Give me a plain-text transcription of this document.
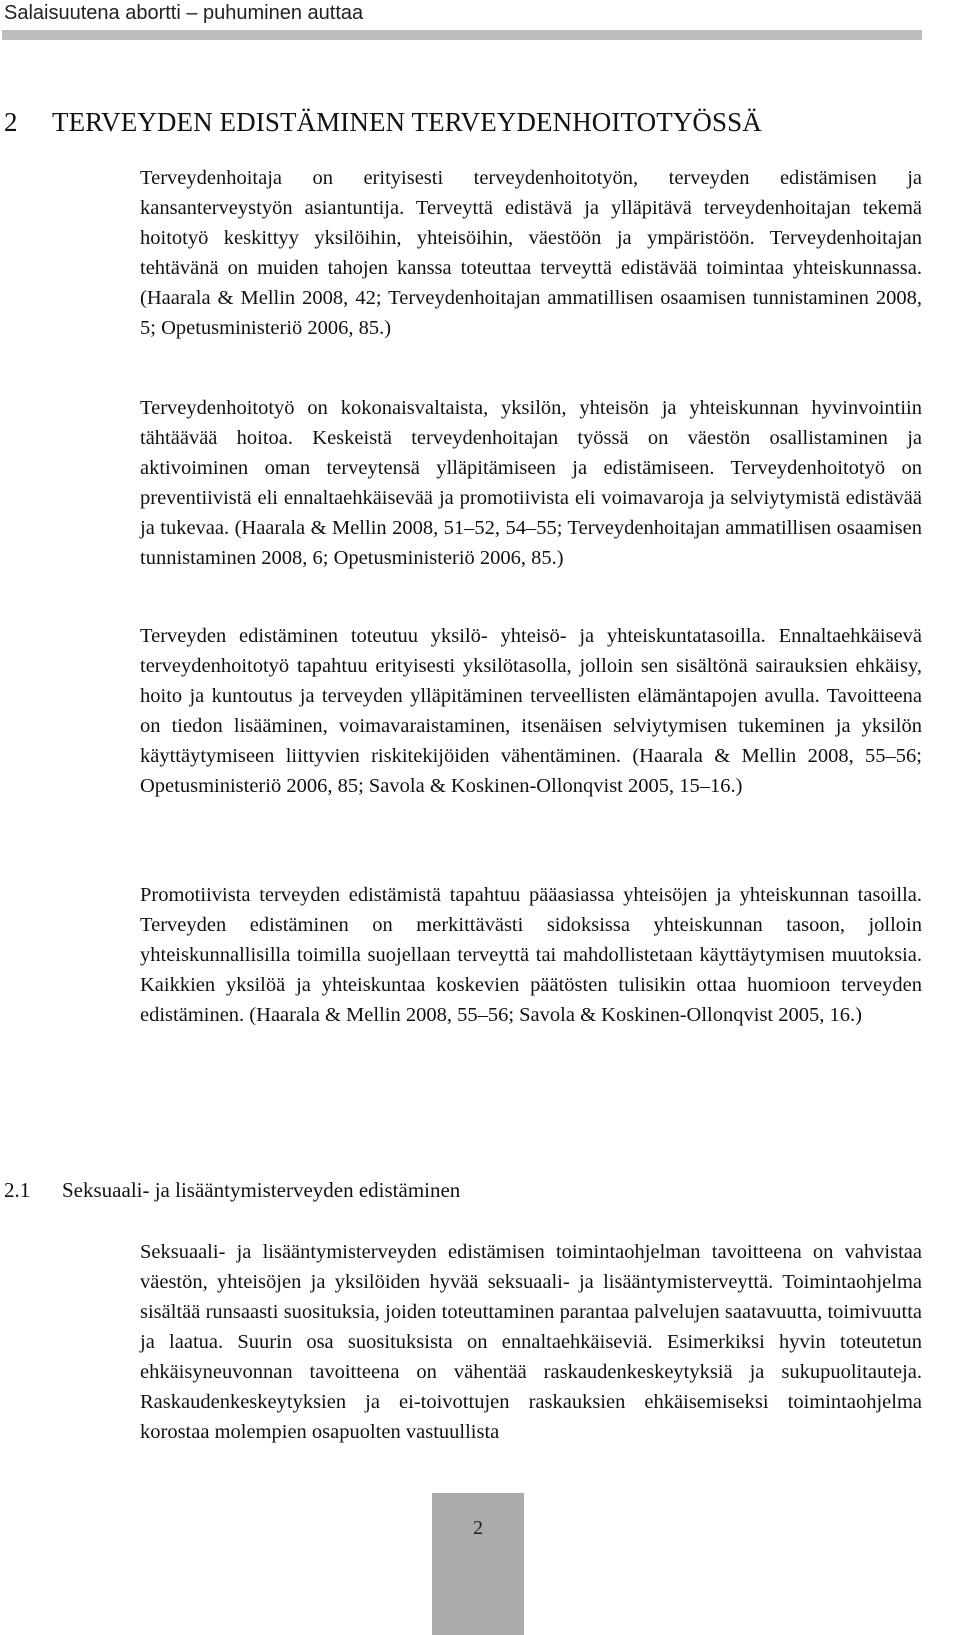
Salaisuutena abortti – puhuminen auttaa
2 TERVEYDEN EDISTÄMINEN TERVEYDENHOITOTYÖSSÄ

Terveydenhoitaja on erityisesti terveydenhoitotyön, terveyden edistämisen ja kansanterveystyön asiantuntija. Terveyttä edistävä ja ylläpitävä terveydenhoitajan tekemä hoitotyö keskittyy yksilöihin, yhteisöihin, väestöön ja ympäristöön. Terveydenhoitajan tehtävänä on muiden tahojen kanssa toteuttaa terveyttä edistävää toimintaa yhteiskunnassa. (Haarala & Mellin 2008, 42; Terveydenhoitajan ammatillisen osaamisen tunnistaminen 2008, 5; Opetusministeriö 2006, 85.)

Terveydenhoitotyö on kokonaisvaltaista, yksilön, yhteisön ja yhteiskunnan hyvinvointiin tähtäävää hoitoa. Keskeistä terveydenhoitajan työssä on väestön osallistaminen ja aktivoiminen oman terveytensä ylläpitämiseen ja edistämiseen. Terveydenhoitotyö on preventiivistä eli ennaltaehkäisevää ja promotiivista eli voimavaroja ja selviytymistä edistävää ja tukevaa. (Haarala & Mellin 2008, 51–52, 54–55; Terveydenhoitajan ammatillisen osaamisen tunnistaminen 2008, 6; Opetusministeriö 2006, 85.)

Terveyden edistäminen toteutuu yksilö- yhteisö- ja yhteiskuntatasoilla. Ennaltaehkäisevä terveydenhoitotyö tapahtuu erityisesti yksilötasolla, jolloin sen sisältönä sairauksien ehkäisy, hoito ja kuntoutus ja terveyden ylläpitäminen terveellisten elämäntapojen avulla. Tavoitteena on tiedon lisääminen, voimavaraistaminen, itsenäisen selviytymisen tukeminen ja yksilön käyttäytymiseen liittyvien riskitekijöiden vähentäminen. (Haarala & Mellin 2008, 55–56; Opetusministeriö 2006, 85; Savola & Koskinen-Ollonqvist 2005, 15–16.)

Promotiivista terveyden edistämistä tapahtuu pääasiassa yhteisöjen ja yhteiskunnan tasoilla. Terveyden edistäminen on merkittävästi sidoksissa yhteiskunnan tasoon, jolloin yhteiskunnallisilla toimilla suojellaan terveyttä tai mahdollistetaan käyttäytymisen muutoksia. Kaikkien yksilöä ja yhteiskuntaa koskevien päätösten tulisikin ottaa huomioon terveyden edistäminen. (Haarala & Mellin 2008, 55–56; Savola & Koskinen-Ollonqvist 2005, 16.)

2.1 Seksuaali- ja lisääntymisterveyden edistäminen

Seksuaali- ja lisääntymisterveyden edistämisen toimintaohjelman tavoitteena on vahvistaa väestön, yhteisöjen ja yksilöiden hyvää seksuaali- ja lisääntymisterveyttä. Toimintaohjelma sisältää runsaasti suosituksia, joiden toteuttaminen parantaa palvelujen saatavuutta, toimivuutta ja laatua. Suurin osa suosituksista on ennaltaehkäiseviä. Esimerkiksi hyvin toteutetun ehkäisyneuvonnan tavoitteena on vähentää raskaudenkeskeytyksiä ja sukupuolitauteja. Raskaudenkeskeytyksien ja ei-toivottujen raskauksien ehkäisemiseksi toimintaohjelma korostaa molempien osapuolten vastuullista

2
